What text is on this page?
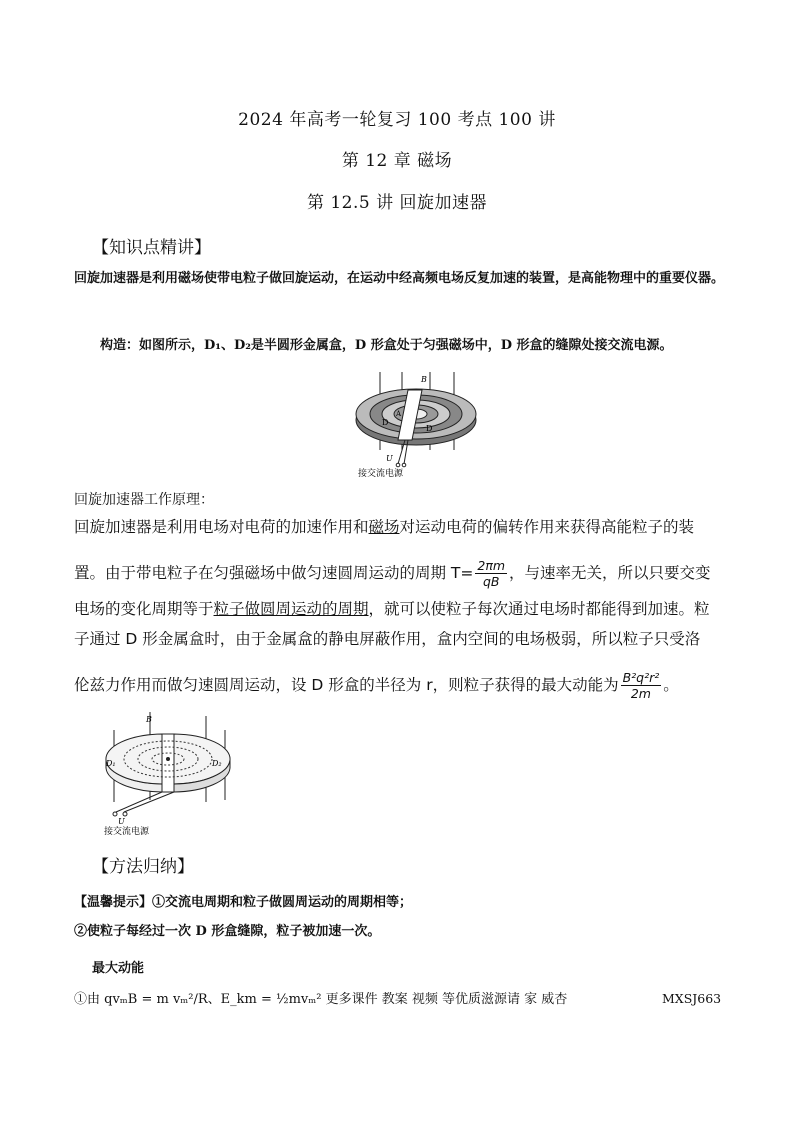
2024 年高考一轮复习 100 考点 100 讲
第 12 章 磁场
第 12.5 讲 回旋加速器
【知识点精讲】
回旋加速器是利用磁场使带电粒子做回旋运动，在运动中经高频电场反复加速的装置，是高能物理中的重要仪器。
构造：如图所示，D₁、D₂是半圆形金属盒，D 形盒处于匀强磁场中，D 形盒的缝隙处接交流电源。
B
A
D
D
U
接交流电源
回旋加速器工作原理：
回旋加速器是利用电场对电荷的加速作用和磁场对运动电荷的偏转作用来获得高能粒子的装
置。由于带电粒子在匀强磁场中做匀速圆周运动的周期 $T= \frac{2\pi m}{qB}$ ，与速率无关，所以只要交变
电场的变化周期等于粒子做圆周运动的周期，就可以使粒子每次通过电场时都能得到加速。粒
子通过 D 形金属盒时，由于金属盒的静电屏蔽作用，盒内空间的电场极弱，所以粒子只受洛
伦兹力作用而做匀速圆周运动，设 D 形盒的半径为 r，则粒子获得的最大动能为 $\frac{\text{B²q²r²}}{2m}$ 。
B
D₁	D₂
U
接交流电源
【方法归纳】
【温馨提示】①交流电周期和粒子做圆周运动的周期相等；
②使粒子每经过一次 D 形盒缝隙，粒子被加速一次。
最大动能
①由 qvₘB = m vₘ²/R、E_km = ½mvₘ² 更多课件 教案 视频 等优质滋源请 家 威杏	MXSJ663
